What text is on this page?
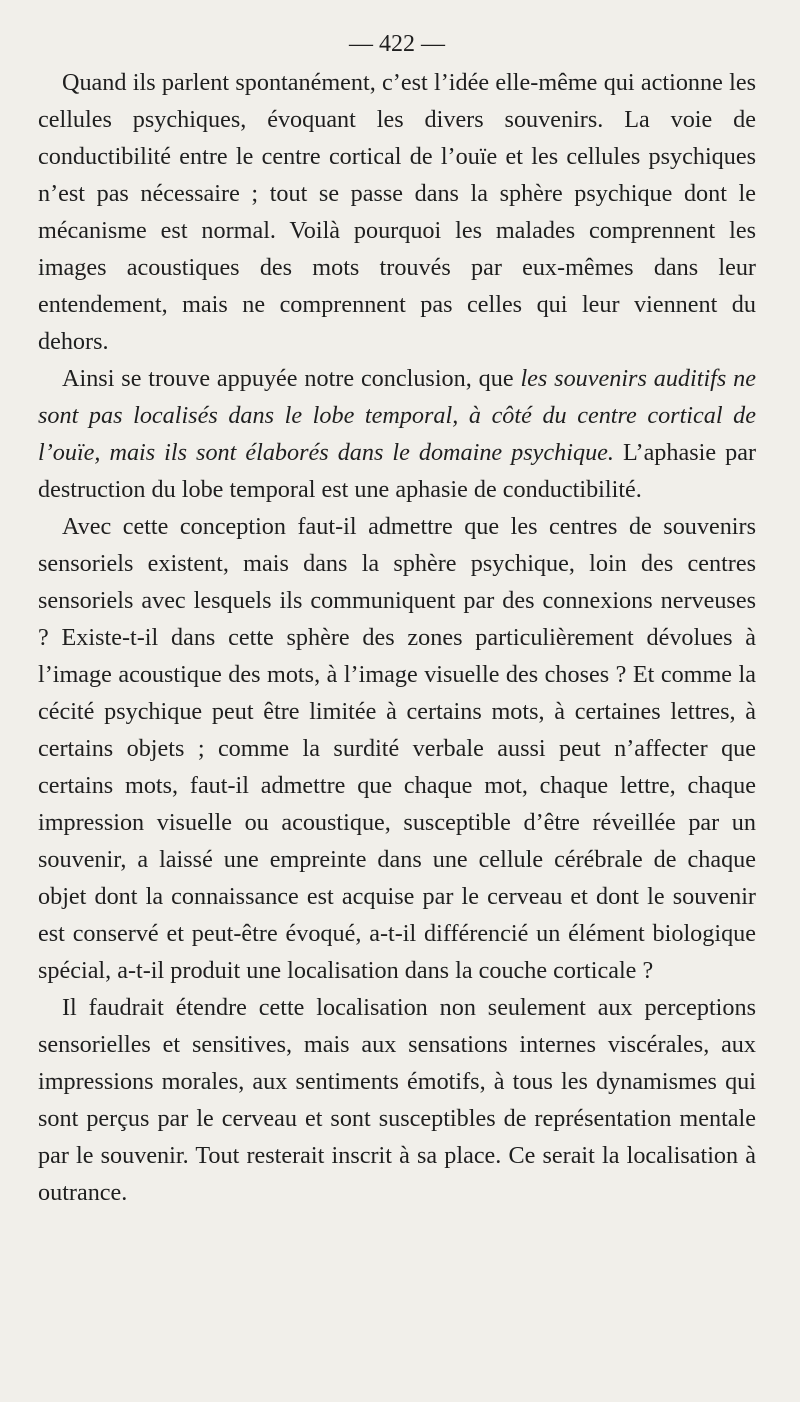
— 422 —

Quand ils parlent spontanément, c’est l’idée elle-même qui actionne les cellules psychiques, évoquant les divers souvenirs. La voie de conductibilité entre le centre cortical de l’ouïe et les cellules psychiques n’est pas nécessaire ; tout se passe dans la sphère psychique dont le mécanisme est normal. Voilà pourquoi les malades comprennent les images acoustiques des mots trouvés par eux-mêmes dans leur entendement, mais ne comprennent pas celles qui leur viennent du dehors.

Ainsi se trouve appuyée notre conclusion, que les souvenirs auditifs ne sont pas localisés dans le lobe temporal, à côté du centre cortical de l’ouïe, mais ils sont élaborés dans le domaine psychique. L’aphasie par destruction du lobe temporal est une aphasie de conductibilité.

Avec cette conception faut-il admettre que les centres de souvenirs sensoriels existent, mais dans la sphère psychique, loin des centres sensoriels avec lesquels ils communiquent par des connexions nerveuses ? Existe-t-il dans cette sphère des zones particulièrement dévolues à l’image acoustique des mots, à l’image visuelle des choses ? Et comme la cécité psychique peut être limitée à certains mots, à certaines lettres, à certains objets ; comme la surdité verbale aussi peut n’affecter que certains mots, faut-il admettre que chaque mot, chaque lettre, chaque impression visuelle ou acoustique, susceptible d’être réveillée par un souvenir, a laissé une empreinte dans une cellule cérébrale de chaque objet dont la connaissance est acquise par le cerveau et dont le souvenir est conservé et peut-être évoqué, a-t-il différencié un élément biologique spécial, a-t-il produit une localisation dans la couche corticale ?

Il faudrait étendre cette localisation non seulement aux perceptions sensorielles et sensitives, mais aux sensations internes viscérales, aux impressions morales, aux sentiments émotifs, à tous les dynamismes qui sont perçus par le cerveau et sont susceptibles de représentation mentale par le souvenir. Tout resterait inscrit à sa place. Ce serait la localisation à outrance.
